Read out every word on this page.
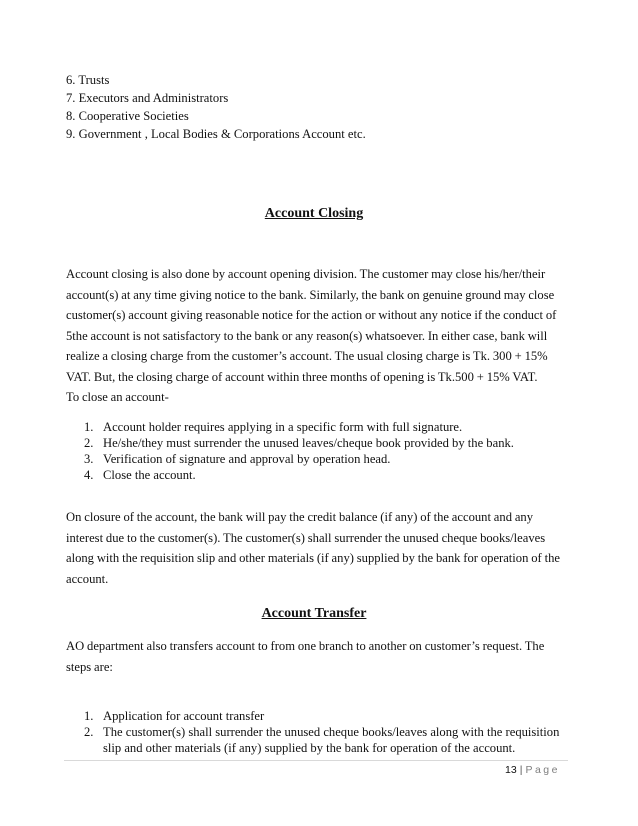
6. Trusts
7. Executors and Administrators
8. Cooperative Societies
9. Government , Local Bodies & Corporations Account etc.
Account Closing
Account closing is also done by account opening division. The customer may close his/her/their
account(s) at any time giving notice to the bank. Similarly, the bank on genuine ground may close
customer(s) account giving reasonable notice for the action or without any notice if the conduct of
5the account is not satisfactory to the bank or any reason(s) whatsoever. In either case, bank will
realize a closing charge from the customer’s account. The usual closing charge is Tk. 300 + 15%
VAT. But, the closing charge of account within three months of opening is Tk.500 + 15% VAT.
To close an account-
1. Account holder requires applying in a specific form with full signature.
2. He/she/they must surrender the unused leaves/cheque book provided by the bank.
3. Verification of signature and approval by operation head.
4. Close the account.
On closure of the account, the bank will pay the credit balance (if any) of the account and any
interest due to the customer(s). The customer(s) shall surrender the unused cheque books/leaves
along with the requisition slip and other materials (if any) supplied by the bank for operation of the
account.
Account Transfer
AO department also transfers account to from one branch to another on customer’s request. The
steps are:
1. Application for account transfer
2. The customer(s) shall surrender the unused cheque books/leaves along with the requisition
slip and other materials (if any) supplied by the bank for operation of the account.
13 | Page
